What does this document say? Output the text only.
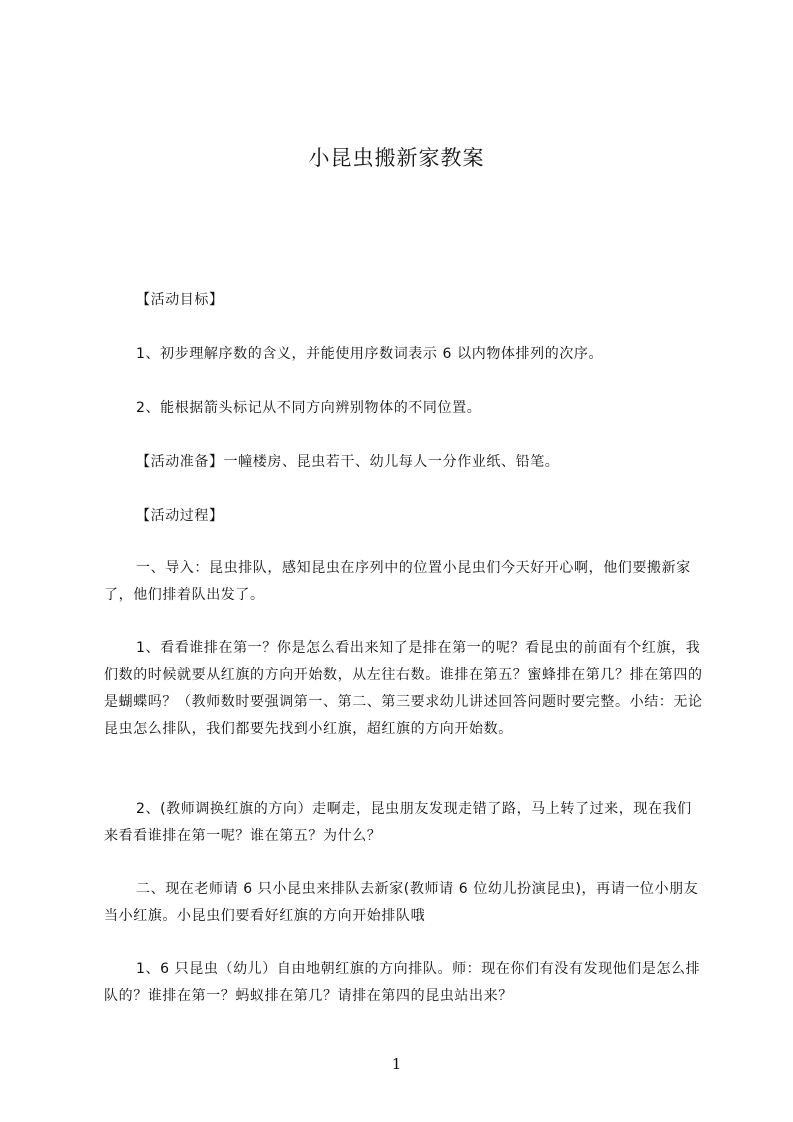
小昆虫搬新家教案

【活动目标】

1、初步理解序数的含义，并能使用序数词表示 6 以内物体排列的次序。

2、能根据箭头标记从不同方向辨别物体的不同位置。

【活动准备】一幢楼房、昆虫若干、幼儿每人一分作业纸、铅笔。

【活动过程】

一、导入：昆虫排队，感知昆虫在序列中的位置小昆虫们今天好开心啊，他们要搬新家了，他们排着队出发了。

1、看看谁排在第一？你是怎么看出来知了是排在第一的呢？看昆虫的前面有个红旗，我们数的时候就要从红旗的方向开始数，从左往右数。谁排在第五？蜜蜂排在第几？排在第四的是蝴蝶吗？（教师数时要强调第一、第二、第三要求幼儿讲述回答问题时要完整。小结：无论昆虫怎么排队，我们都要先找到小红旗，超红旗的方向开始数。

2、(教师调换红旗的方向）走啊走，昆虫朋友发现走错了路，马上转了过来，现在我们来看看谁排在第一呢？谁在第五？为什么？

二、现在老师请 6 只小昆虫来排队去新家(教师请 6 位幼儿扮演昆虫)，再请一位小朋友当小红旗。小昆虫们要看好红旗的方向开始排队哦

1、6 只昆虫（幼儿）自由地朝红旗的方向排队。师：现在你们有没有发现他们是怎么排队的？谁排在第一？蚂蚁排在第几？请排在第四的昆虫站出来？

1
